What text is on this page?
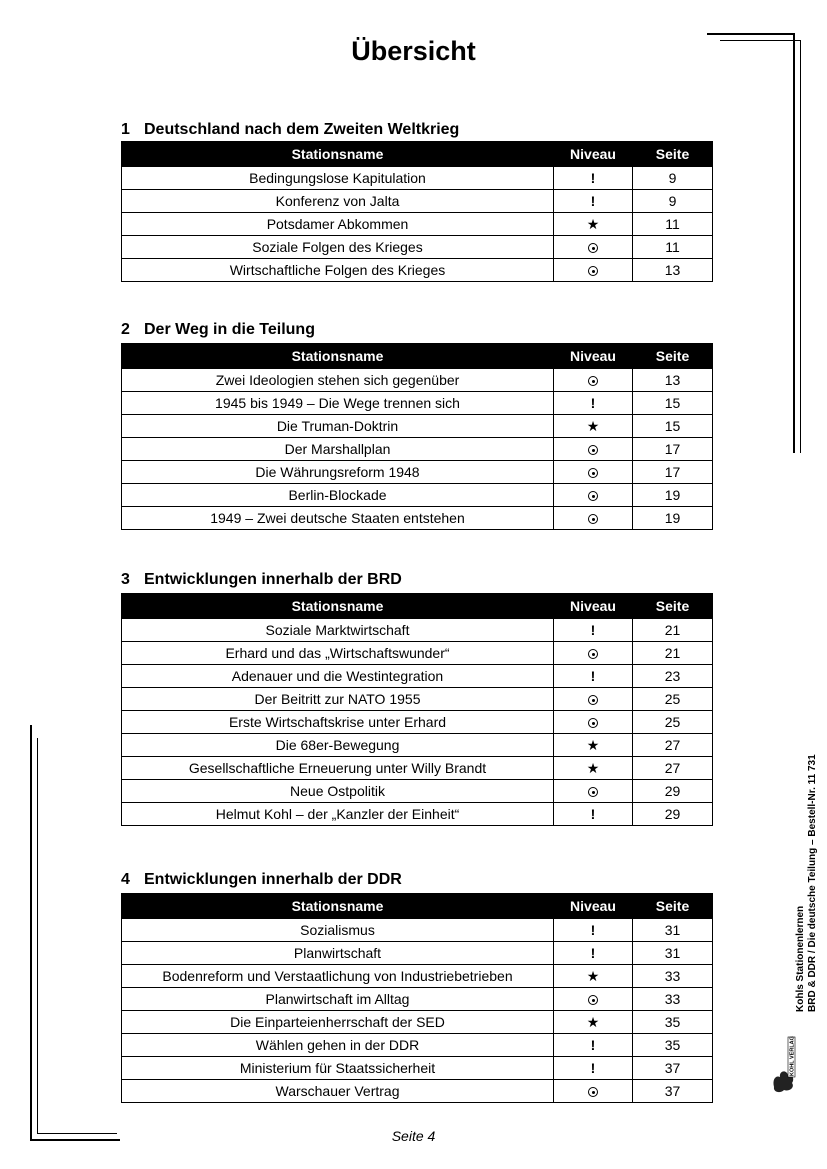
Übersicht
1 Deutschland nach dem Zweiten Weltkrieg
Stationsname	Niveau	Seite
Bedingungslose Kapitulation	!	9
Konferenz von Jalta	!	9
Potsdamer Abkommen	★	11
Soziale Folgen des Krieges		11
Wirtschaftliche Folgen des Krieges		13
2 Der Weg in die Teilung
Stationsname	Niveau	Seite
Zwei Ideologien stehen sich gegenüber		13
1945 bis 1949 – Die Wege trennen sich	!	15
Die Truman-Doktrin	★	15
Der Marshallplan		17
Die Währungsreform 1948		17
Berlin-Blockade		19
1949 – Zwei deutsche Staaten entstehen		19
3 Entwicklungen innerhalb der BRD
Stationsname	Niveau	Seite
Soziale Marktwirtschaft	!	21
Erhard und das „Wirtschaftswunder“		21
Adenauer und die Westintegration	!	23
Der Beitritt zur NATO 1955		25
Erste Wirtschaftskrise unter Erhard		25
Die 68er-Bewegung	★	27
Gesellschaftliche Erneuerung unter Willy Brandt	★	27
Neue Ostpolitik		29
Helmut Kohl – der „Kanzler der Einheit“	!	29
4 Entwicklungen innerhalb der DDR
Stationsname	Niveau	Seite
Sozialismus	!	31
Planwirtschaft	!	31
Bodenreform und Verstaatlichung von Industriebetrieben	★	33
Planwirtschaft im Alltag		33
Die Einparteienherrschaft der SED	★	35
Wählen gehen in der DDR	!	35
Ministerium für Staatssicherheit	!	37
Warschauer Vertrag		37
Seite 4
Kohls Stationenlernen BRD & DDR / Die deutsche Teilung – Bestell-Nr. 11 731
KOHL VERLAG
